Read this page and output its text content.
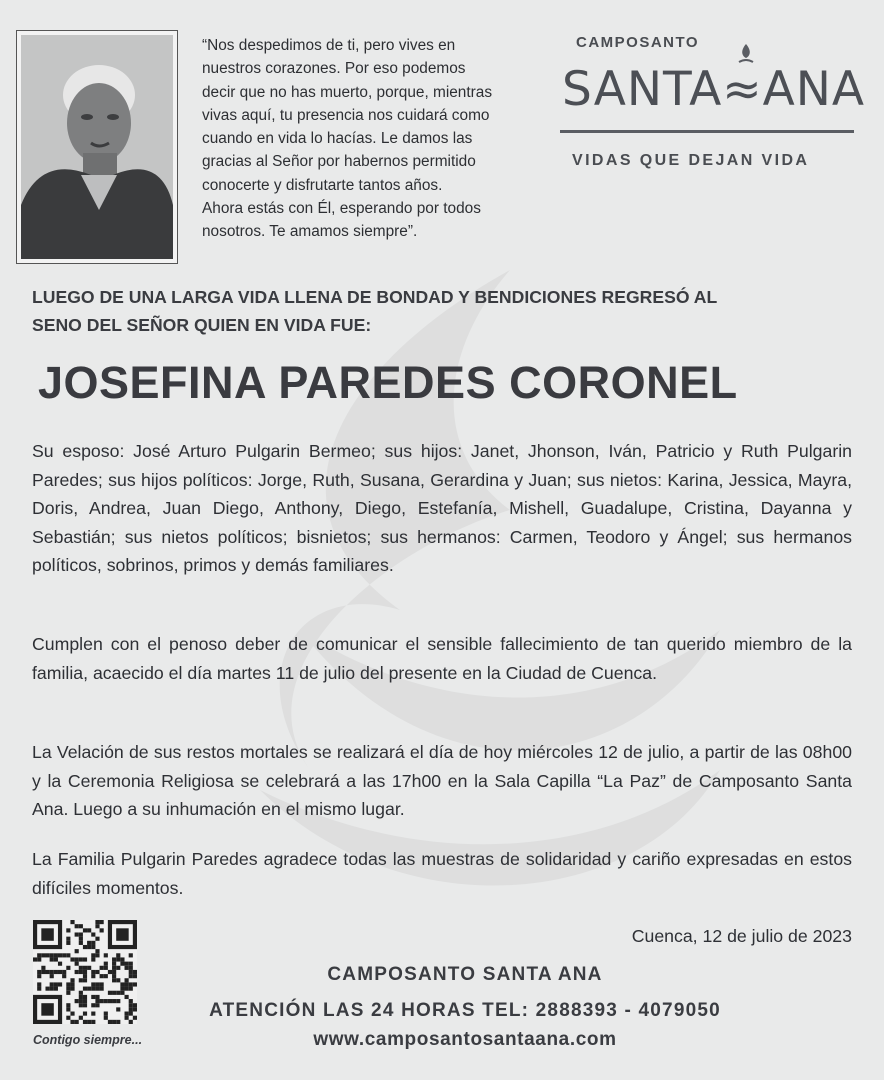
“Nos despedimos de ti, pero vives en
nuestros corazones. Por eso podemos
decir que no has muerto, porque, mientras
vivas aquí, tu presencia nos cuidará como
cuando en vida lo hacías. Le damos las
gracias al Señor por habernos permitido
conocerte y disfrutarte tantos años.
Ahora estás con Él, esperando por todos
nosotros. Te amamos siempre”.
CAMPOSANTO
SANTA≈ANA
VIDAS QUE DEJAN VIDA
LUEGO DE UNA LARGA VIDA LLENA DE BONDAD Y BENDICIONES REGRESÓ AL
SENO DEL SEÑOR QUIEN EN VIDA FUE:
JOSEFINA PAREDES CORONEL
Su esposo: José Arturo Pulgarin Bermeo; sus hijos: Janet, Jhonson, Iván, Patricio y Ruth Pulgarin Paredes; sus hijos políticos: Jorge, Ruth, Susana, Gerardina y Juan; sus nietos: Karina, Jessica, Mayra, Doris, Andrea, Juan Diego, Anthony, Diego, Estefanía, Mishell, Guadalupe, Cristina, Dayanna y Sebastián; sus nietos políticos; bisnietos; sus hermanos: Carmen, Teodoro y Ángel; sus hermanos políticos, sobrinos, primos y demás familiares.
Cumplen con el penoso deber de comunicar el sensible fallecimiento de tan querido miembro de la familia, acaecido el día martes 11 de julio del presente en la Ciudad de Cuenca.
La Velación de sus restos mortales se realizará el día de hoy miércoles 12 de julio, a partir de las 08h00 y la Ceremonia Religiosa se celebrará a las 17h00 en la Sala Capilla “La Paz” de Camposanto Santa Ana. Luego a su inhumación en el mismo lugar.
La Familia Pulgarin Paredes agradece todas las muestras de solidaridad y cariño expresadas en estos difíciles momentos.
Cuenca, 12 de julio de 2023
Contigo siempre...
CAMPOSANTO SANTA ANA
ATENCIÓN LAS 24 HORAS TEL: 2888393 - 4079050
www.camposantosantaana.com
